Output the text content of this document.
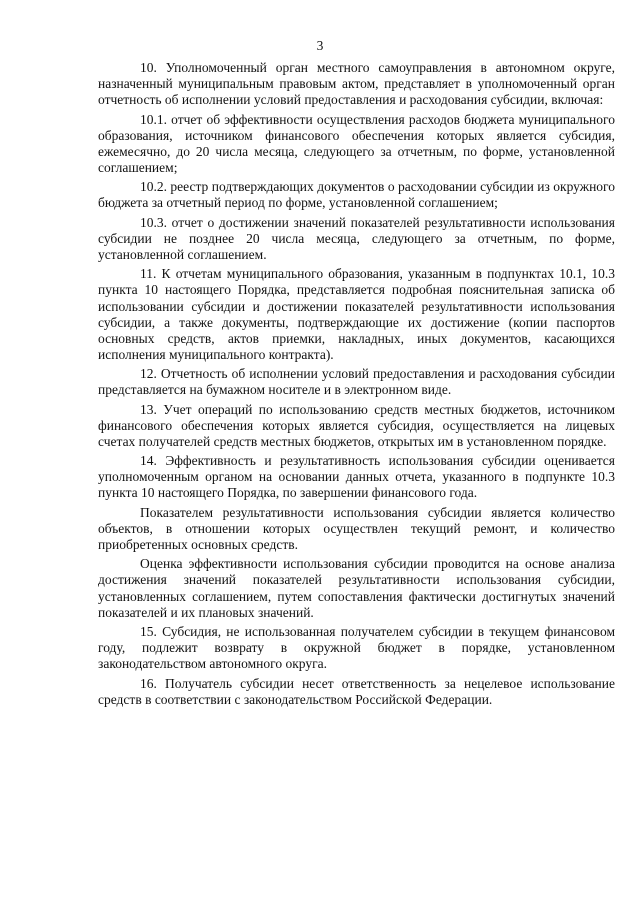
3

10. Уполномоченный орган местного самоуправления в автономном округе, назначенный муниципальным правовым актом, представляет в уполномоченный орган отчетность об исполнении условий предоставления и расходования субсидии, включая:

10.1. отчет об эффективности осуществления расходов бюджета муниципального образования, источником финансового обеспечения которых является субсидия, ежемесячно, до 20 числа месяца, следующего за отчетным, по форме, установленной соглашением;

10.2. реестр подтверждающих документов о расходовании субсидии из окружного бюджета за отчетный период по форме, установленной соглашением;

10.3. отчет о достижении значений показателей результативности использования субсидии не позднее 20 числа месяца, следующего за отчетным, по форме, установленной соглашением.

11. К отчетам муниципального образования, указанным в подпунктах 10.1, 10.3 пункта 10 настоящего Порядка, представляется подробная пояснительная записка об использовании субсидии и достижении показателей результативности использования субсидии, а также документы, подтверждающие их достижение (копии паспортов основных средств, актов приемки, накладных, иных документов, касающихся исполнения муниципального контракта).

12. Отчетность об исполнении условий предоставления и расходования субсидии представляется на бумажном носителе и в электронном виде.

13. Учет операций по использованию средств местных бюджетов, источником финансового обеспечения которых является субсидия, осуществляется на лицевых счетах получателей средств местных бюджетов, открытых им в установленном порядке.

14. Эффективность и результативность использования субсидии оценивается уполномоченным органом на основании данных отчета, указанного в подпункте 10.3 пункта 10 настоящего Порядка, по завершении финансового года.

Показателем результативности использования субсидии является количество объектов, в отношении которых осуществлен текущий ремонт, и количество приобретенных основных средств.

Оценка эффективности использования субсидии проводится на основе анализа достижения значений показателей результативности использования субсидии, установленных соглашением, путем сопоставления фактически достигнутых значений показателей и их плановых значений.

15. Субсидия, не использованная получателем субсидии в текущем финансовом году, подлежит возврату в окружной бюджет в порядке, установленном законодательством автономного округа.

16. Получатель субсидии несет ответственность за нецелевое использование средств в соответствии с законодательством Российской Федерации.
